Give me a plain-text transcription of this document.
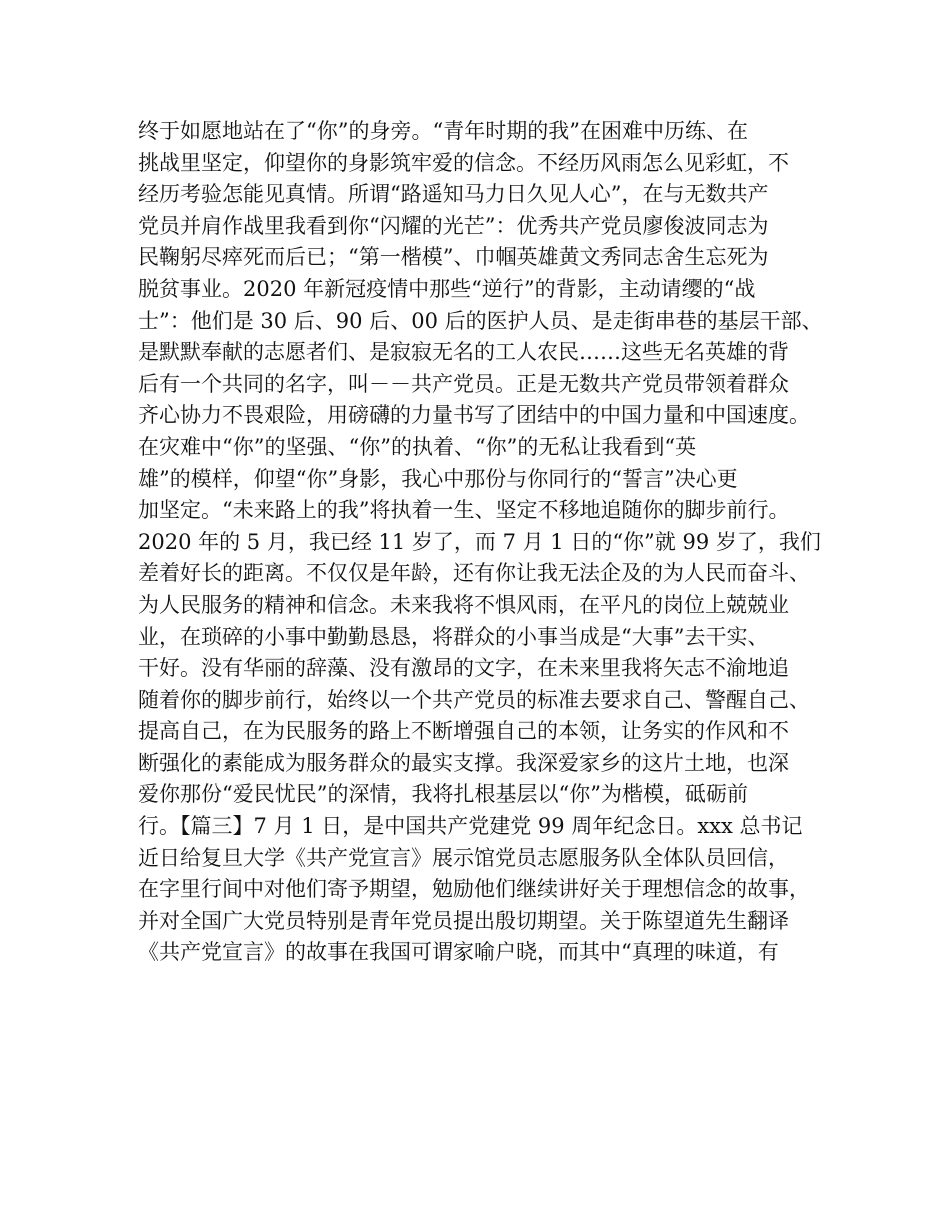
终于如愿地站在了“你”的身旁。“青年时期的我”在困难中历练、在
挑战里坚定，仰望你的身影筑牢爱的信念。不经历风雨怎么见彩虹，不
经历考验怎能见真情。所谓“路遥知马力日久见人心”，在与无数共产
党员并肩作战里我看到你“闪耀的光芒”：优秀共产党员廖俊波同志为
民鞠躬尽瘁死而后已；“第一楷模”、巾帼英雄黄文秀同志舍生忘死为
脱贫事业。2020 年新冠疫情中那些“逆行”的背影，主动请缨的“战
士”：他们是 30 后、90 后、00 后的医护人员、是走街串巷的基层干部、
是默默奉献的志愿者们、是寂寂无名的工人农民……这些无名英雄的背
后有一个共同的名字，叫－－共产党员。正是无数共产党员带领着群众
齐心协力不畏艰险，用磅礴的力量书写了团结中的中国力量和中国速度。
在灾难中“你”的坚强、“你”的执着、“你”的无私让我看到“英
雄”的模样，仰望“你”身影，我心中那份与你同行的“誓言”决心更
加坚定。“未来路上的我”将执着一生、坚定不移地追随你的脚步前行。
2020 年的 5 月，我已经 11 岁了，而 7 月 1 日的“你”就 99 岁了，我们
差着好长的距离。不仅仅是年龄，还有你让我无法企及的为人民而奋斗、
为人民服务的精神和信念。未来我将不惧风雨，在平凡的岗位上兢兢业
业，在琐碎的小事中勤勤恳恳，将群众的小事当成是“大事”去干实、
干好。没有华丽的辞藻、没有激昂的文字，在未来里我将矢志不渝地追
随着你的脚步前行，始终以一个共产党员的标准去要求自己、警醒自己、
提高自己，在为民服务的路上不断增强自己的本领，让务实的作风和不
断强化的素能成为服务群众的最实支撑。我深爱家乡的这片土地，也深
爱你那份“爱民忧民”的深情，我将扎根基层以“你”为楷模，砥砺前
行。【篇三】7 月 1 日，是中国共产党建党 99 周年纪念日。xxx 总书记
近日给复旦大学《共产党宣言》展示馆党员志愿服务队全体队员回信，
在字里行间中对他们寄予期望，勉励他们继续讲好关于理想信念的故事，
并对全国广大党员特别是青年党员提出殷切期望。关于陈望道先生翻译
《共产党宣言》的故事在我国可谓家喻户晓，而其中“真理的味道，有
